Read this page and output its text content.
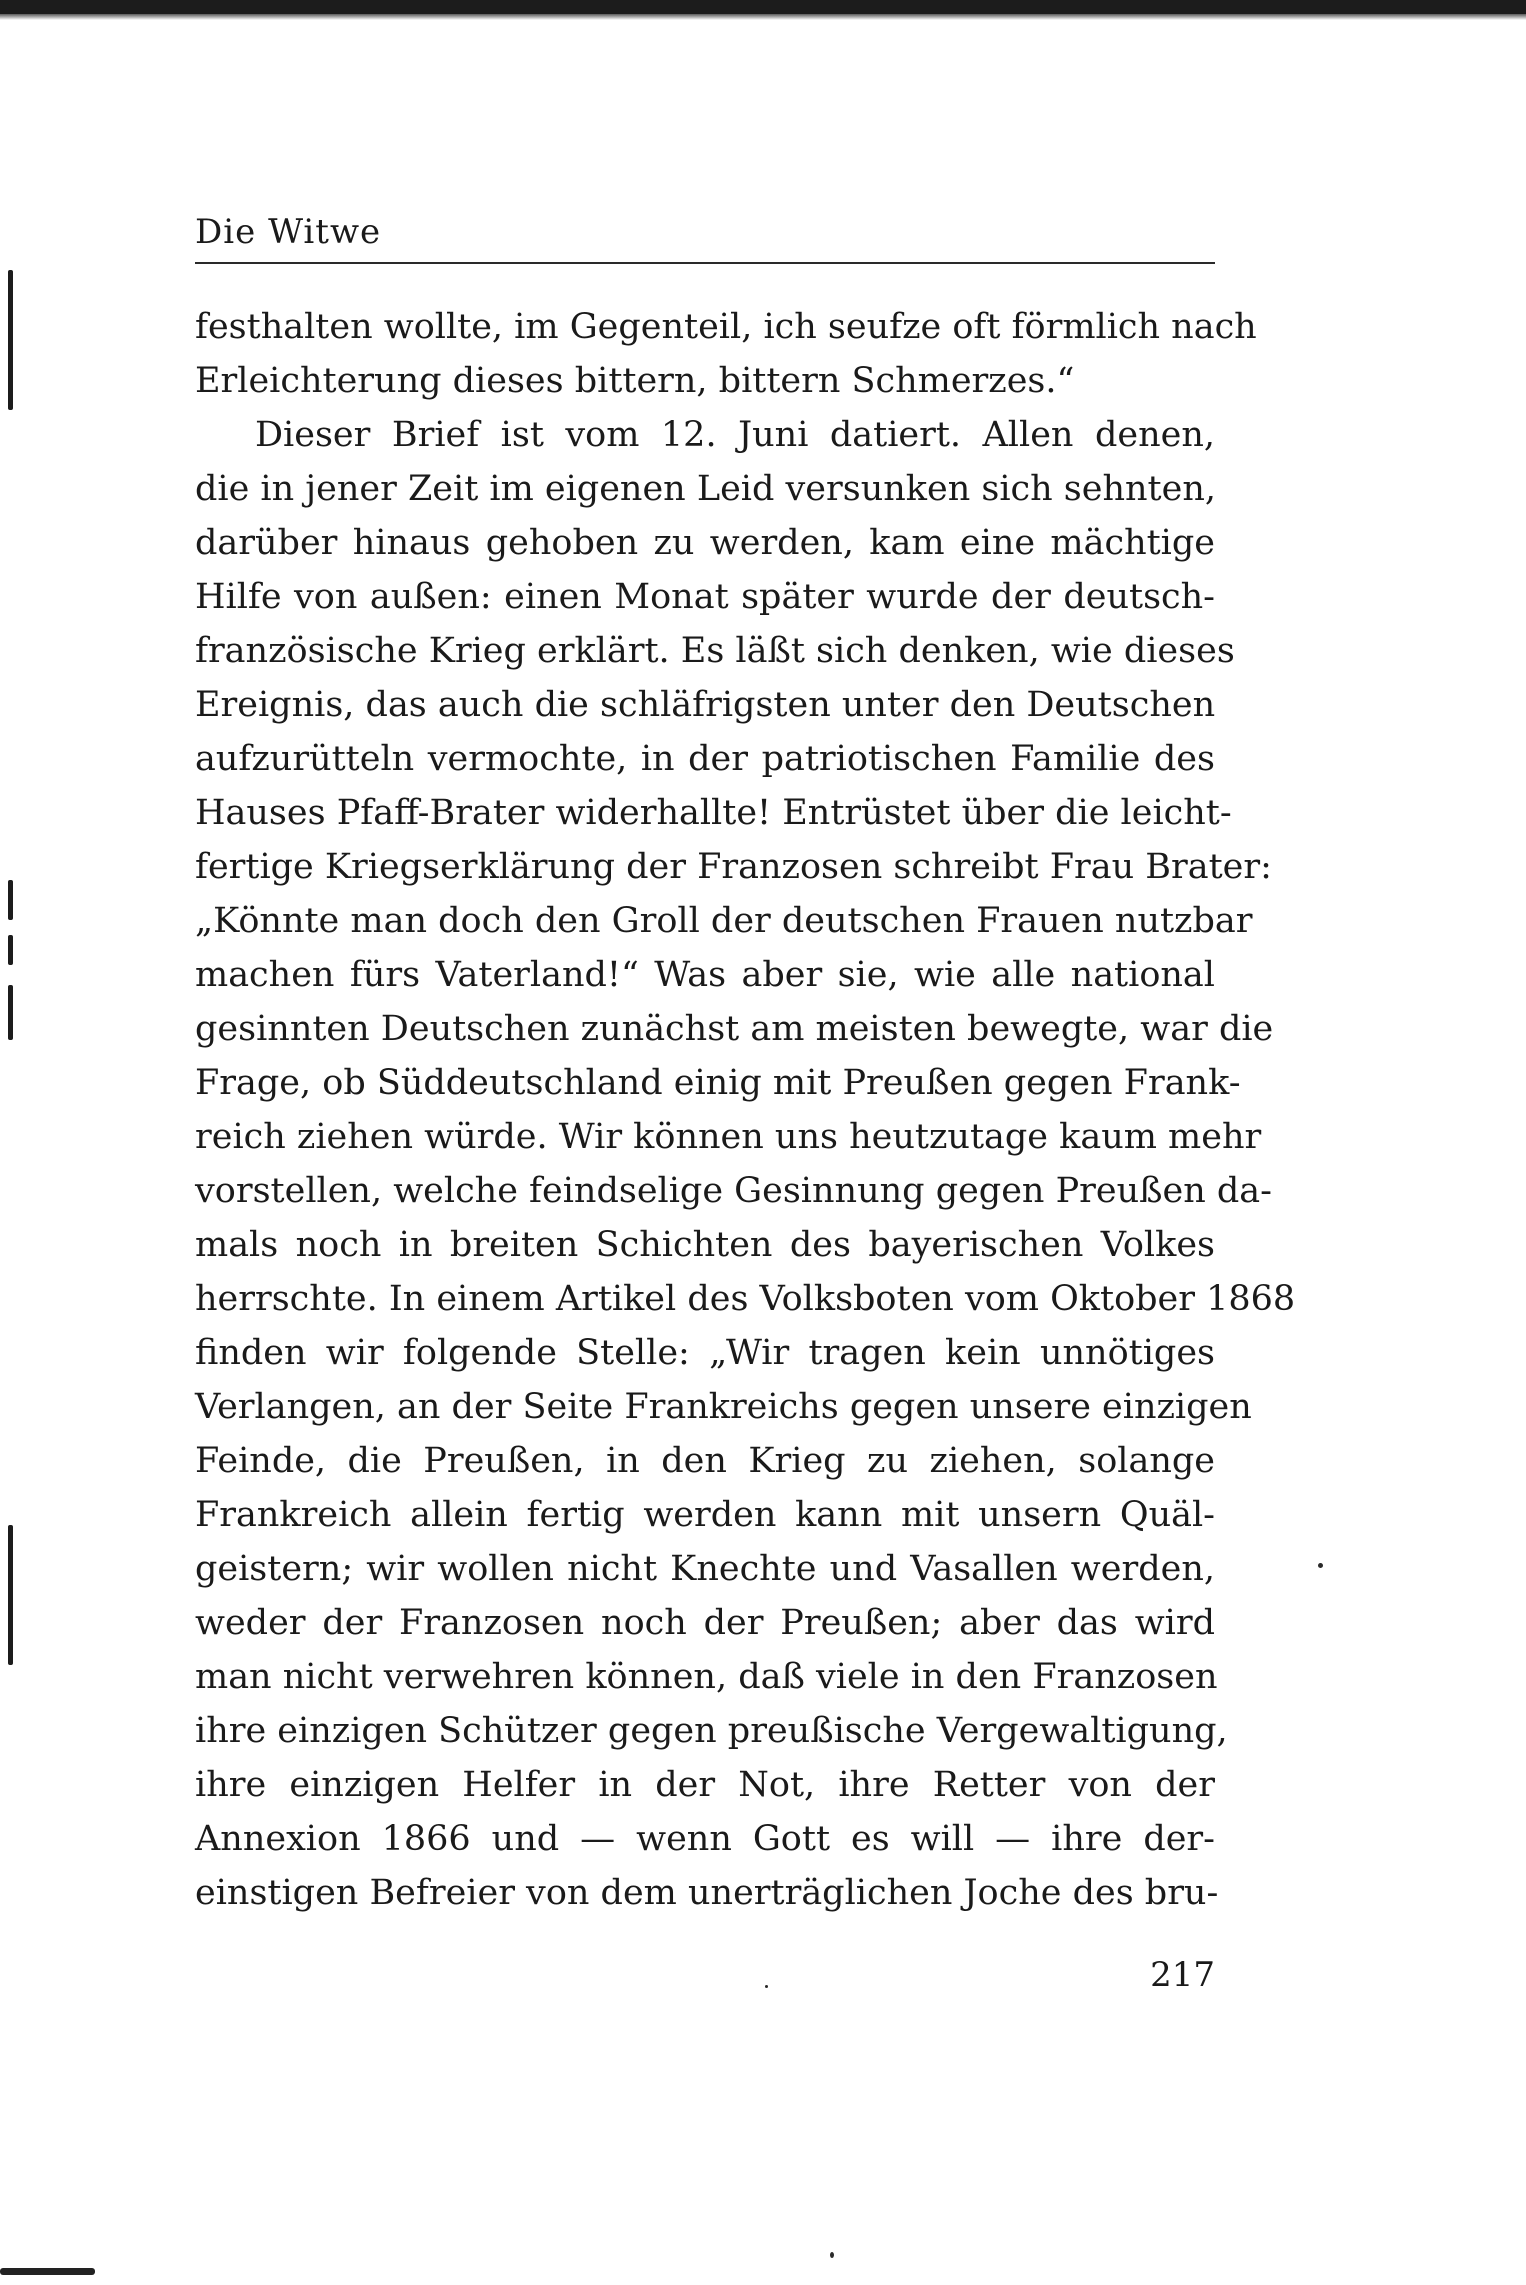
Die Witwe
festhalten wollte, im Gegenteil, ich seufze oft förmlich nach
Erleichterung dieses bittern, bittern Schmerzes.“
Dieser Brief ist vom 12. Juni datiert. Allen denen,
die in jener Zeit im eigenen Leid versunken sich sehnten,
darüber hinaus gehoben zu werden, kam eine mächtige
Hilfe von außen: einen Monat später wurde der deutsch-
französische Krieg erklärt. Es läßt sich denken, wie dieses
Ereignis, das auch die schläfrigsten unter den Deutschen
aufzurütteln vermochte, in der patriotischen Familie des
Hauses Pfaff-Brater widerhallte! Entrüstet über die leicht-
fertige Kriegserklärung der Franzosen schreibt Frau Brater:
„Könnte man doch den Groll der deutschen Frauen nutzbar
machen fürs Vaterland!“ Was aber sie, wie alle national
gesinnten Deutschen zunächst am meisten bewegte, war die
Frage, ob Süddeutschland einig mit Preußen gegen Frank-
reich ziehen würde. Wir können uns heutzutage kaum mehr
vorstellen, welche feindselige Gesinnung gegen Preußen da-
mals noch in breiten Schichten des bayerischen Volkes
herrschte. In einem Artikel des Volksboten vom Oktober 1868
finden wir folgende Stelle: „Wir tragen kein unnötiges
Verlangen, an der Seite Frankreichs gegen unsere einzigen
Feinde, die Preußen, in den Krieg zu ziehen, solange
Frankreich allein fertig werden kann mit unsern Quäl-
geistern; wir wollen nicht Knechte und Vasallen werden,
weder der Franzosen noch der Preußen; aber das wird
man nicht verwehren können, daß viele in den Franzosen
ihre einzigen Schützer gegen preußische Vergewaltigung,
ihre einzigen Helfer in der Not, ihre Retter von der
Annexion 1866 und — wenn Gott es will — ihre der-
einstigen Befreier von dem unerträglichen Joche des bru-
217
